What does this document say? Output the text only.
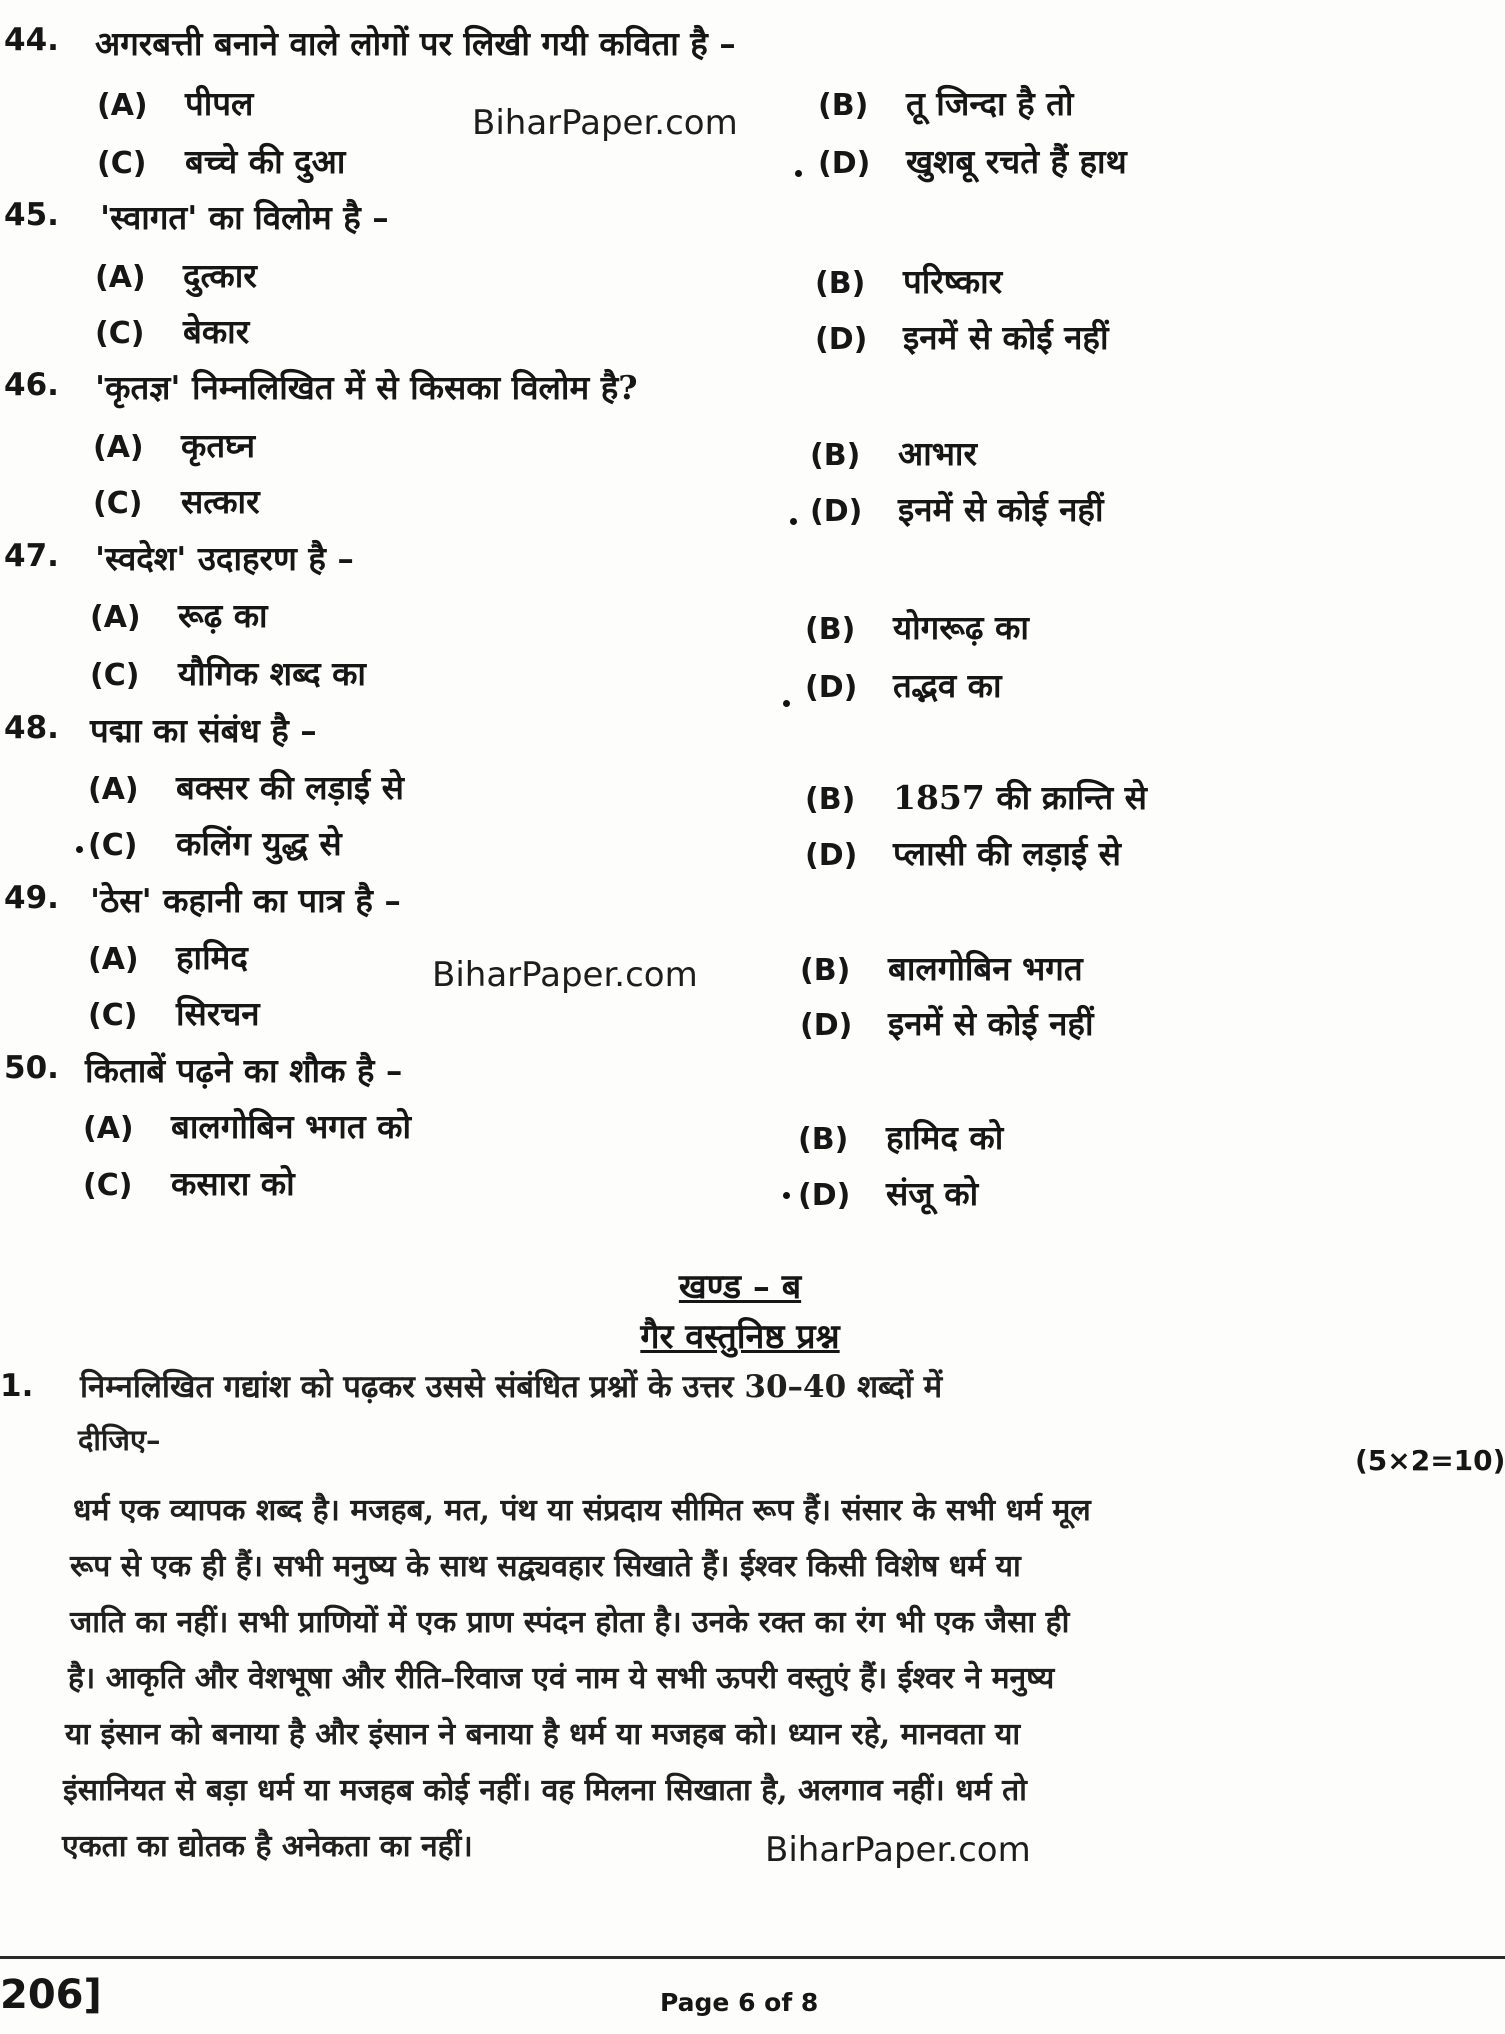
44. अगरबत्ती बनाने वाले लोगों पर लिखी गयी कविता है –
(A) पीपल	(B) तू जिन्दा है तो
(C) बच्चे की दुआ	(D) खुशबू रचते हैं हाथ
BiharPaper.com
45. 'स्वागत' का विलोम है –
(A) दुत्कार	(B) परिष्कार
(C) बेकार	(D) इनमें से कोई नहीं
46. 'कृतज्ञ' निम्नलिखित में से किसका विलोम है?
(A) कृतघ्न	(B) आभार
(C) सत्कार	(D) इनमें से कोई नहीं
47. 'स्वदेश' उदाहरण है –
(A) रूढ़ का	(B) योगरूढ़ का
(C) यौगिक शब्द का	(D) तद्भव का
48. पद्मा का संबंध है –
(A) बक्सर की लड़ाई से	(B) 1857 की क्रान्ति से
(C) कलिंग युद्ध से	(D) प्लासी की लड़ाई से
49. 'ठेस' कहानी का पात्र है –
(A) हामिद	(B) बालगोबिन भगत
(C) सिरचन	(D) इनमें से कोई नहीं
BiharPaper.com
50. किताबें पढ़ने का शौक है –
(A) बालगोबिन भगत को	(B) हामिद को
(C) कसारा को	(D) संजू को
खण्ड – ब
गैर वस्तुनिष्ठ प्रश्न
1. निम्नलिखित गद्यांश को पढ़कर उससे संबंधित प्रश्नों के उत्तर 30–40 शब्दों में
दीजिए–
(5×2=10)
धर्म एक व्यापक शब्द है। मजहब, मत, पंथ या संप्रदाय सीमित रूप हैं। संसार के सभी धर्म मूल
रूप से एक ही हैं। सभी मनुष्य के साथ सद्व्यवहार सिखाते हैं। ईश्वर किसी विशेष धर्म या
जाति का नहीं। सभी प्राणियों में एक प्राण स्पंदन होता है। उनके रक्त का रंग भी एक जैसा ही
है। आकृति और वेशभूषा और रीति–रिवाज एवं नाम ये सभी ऊपरी वस्तुएं हैं। ईश्वर ने मनुष्य
या इंसान को बनाया है और इंसान ने बनाया है धर्म या मजहब को। ध्यान रहे, मानवता या
इंसानियत से बड़ा धर्म या मजहब कोई नहीं। वह मिलना सिखाता है, अलगाव नहीं। धर्म तो
एकता का द्योतक है अनेकता का नहीं।	BiharPaper.com
206]	Page 6 of 8
